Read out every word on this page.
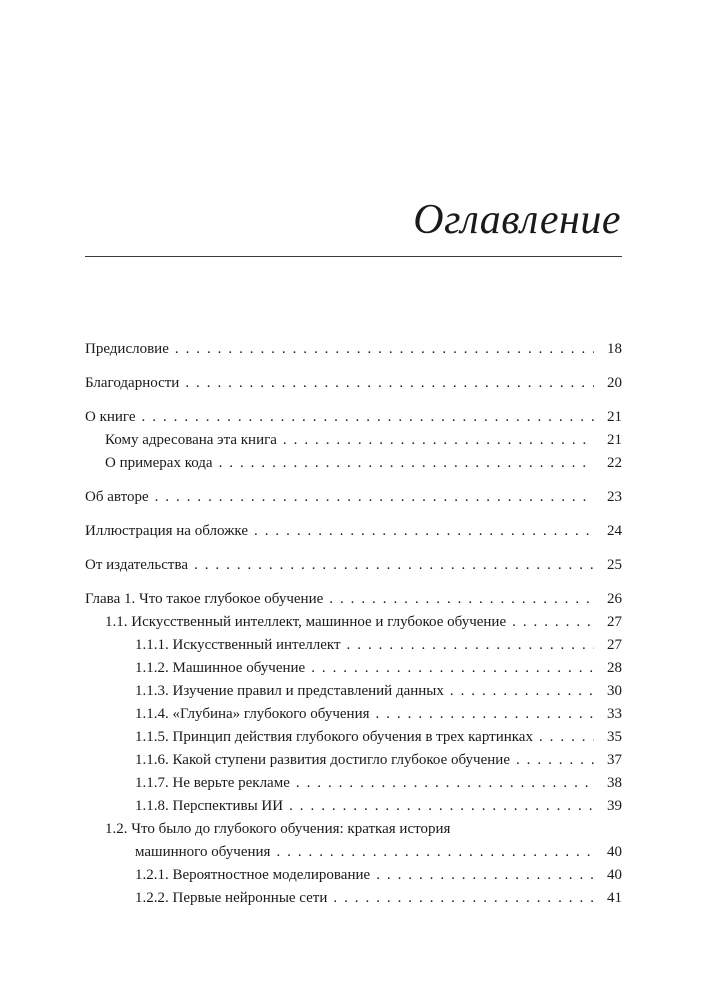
Оглавление
Предисловие . . .	18
Благодарности . . .	20
О книге . . .	21
Кому адресована эта книга . . .	21
О примерах кода . . .	22
Об авторе . . .	23
Иллюстрация на обложке . . .	24
От издательства . . .	25
Глава 1. Что такое глубокое обучение . . .	26
1.1. Искусственный интеллект, машинное и глубокое обучение . . .	27
1.1.1. Искусственный интеллект . . .	27
1.1.2. Машинное обучение . . .	28
1.1.3. Изучение правил и представлений данных . . .	30
1.1.4. «Глубина» глубокого обучения . . .	33
1.1.5. Принцип действия глубокого обучения в трех картинках . . .	35
1.1.6. Какой ступени развития достигло глубокое обучение . . .	37
1.1.7. Не верьте рекламе . . .	38
1.1.8. Перспективы ИИ . . .	39
1.2. Что было до глубокого обучения: краткая история
машинного обучения . . .	40
1.2.1. Вероятностное моделирование . . .	40
1.2.2. Первые нейронные сети . . .	41
